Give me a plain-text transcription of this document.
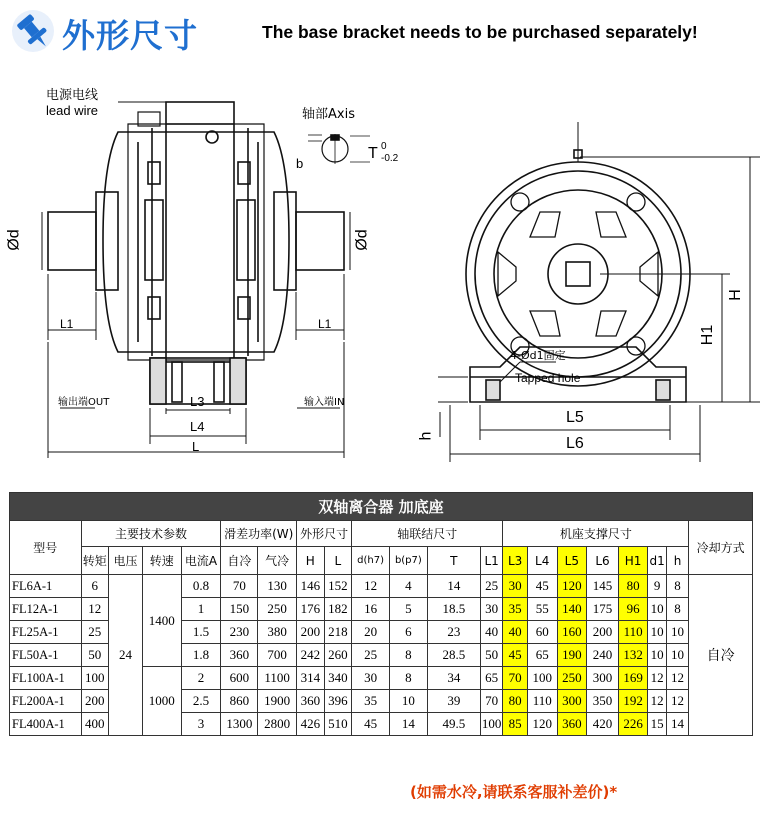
外形尺寸	The base bracket needs to be purchased separately!
电源电线
lead wire	轴部Axis
b
T 0
-0.2
Ød	Ød
L1	L1
输出端OUT	输入端IN
L3
L4
L
4-Ød1固定
Tapped hole
H
H1
h
L5
L6
双轴离合器 加底座																				
型号	主要技术参数				滑差功率(W)		外形尺寸		轴联结尺寸				机座支撑尺寸							冷却方式
	转矩	电压	转速	电流A	自冷	气冷	H	L	d(h7)	b(p7)	T	L1	L3	L4	L5	L6	H1	d1	h	
FL6A-1	6	24	1400	0.8	70	130	146	152	12	4	14	25	30	45	120	145	80	9	8	自冷
FL12A-1	12			1	150	250	176	182	16	5	18.5	30	35	55	140	175	96	10	8	
FL25A-1	25			1.5	230	380	200	218	20	6	23	40	40	60	160	200	110	10	10	
FL50A-1	50			1.8	360	700	242	260	25	8	28.5	50	45	65	190	240	132	10	10	
FL100A-1	100		1000	2	600	1100	314	340	30	8	34	65	70	100	250	300	169	12	12	
FL200A-1	200			2.5	860	1900	360	396	35	10	39	70	80	110	300	350	192	12	12	
FL400A-1	400			3	1300	2800	426	510	45	14	49.5	100	85	120	360	420	226	15	14	
(如需水冷,请联系客服补差价)*
